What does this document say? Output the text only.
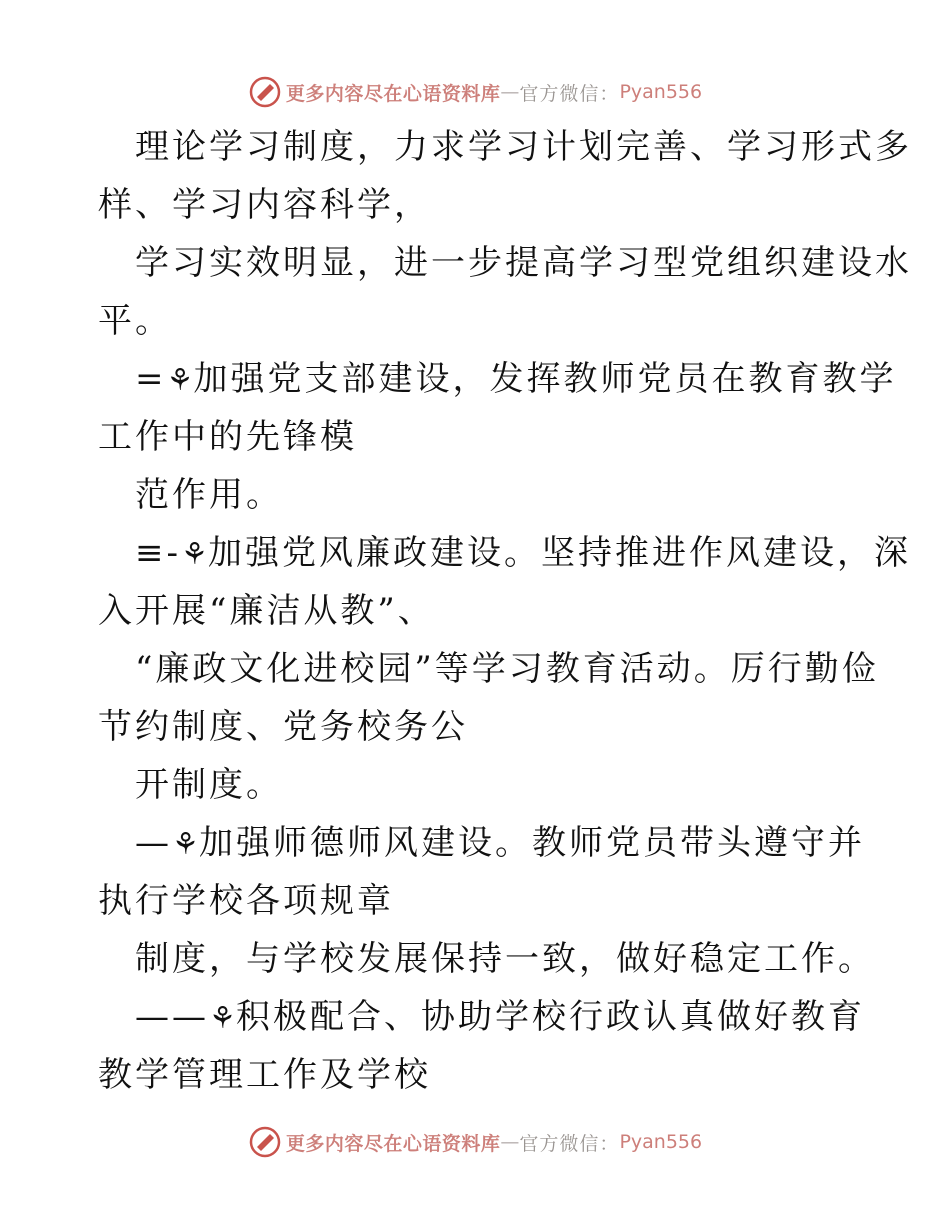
更多内容尽在心语资料库 — 官方微信： Pyan556
理论学习制度，力求学习计划完善、学习形式多
样、学习内容科学，
学习实效明显，进一步提高学习型党组织建设水
平。
=⚘加强党支部建设，发挥教师党员在教育教学
工作中的先锋模
范作用。
≡-⚘加强党风廉政建设。坚持推进作风建设，深
入开展“廉洁从教”、
“廉政文化进校园”等学习教育活动。厉行勤俭
节约制度、党务校务公
开制度。
—⚘加强师德师风建设。教师党员带头遵守并
执行学校各项规章
制度，与学校发展保持一致，做好稳定工作。
——⚘积极配合、协助学校行政认真做好教育
教学管理工作及学校
更多内容尽在心语资料库 — 官方微信： Pyan556
